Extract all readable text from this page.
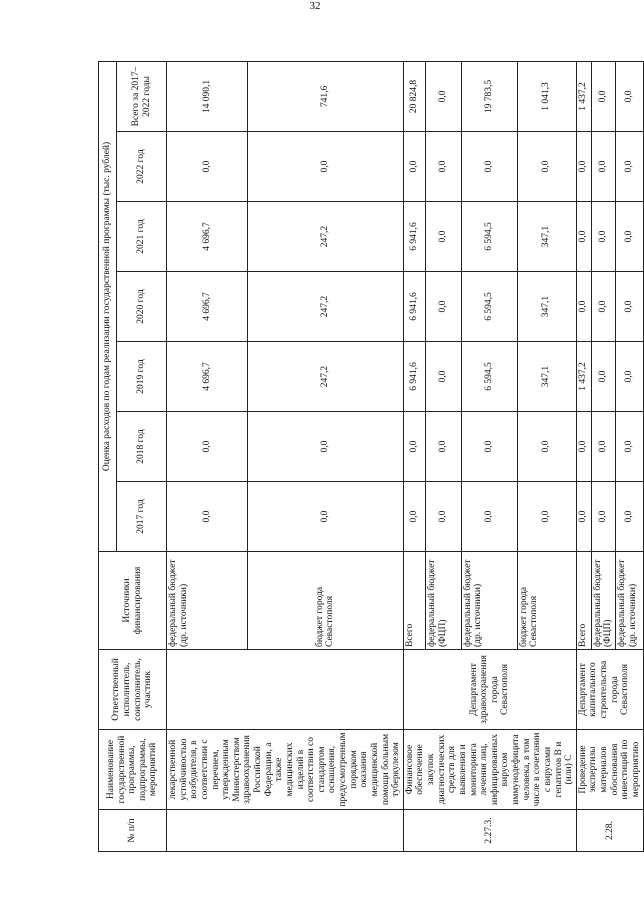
32
№ п/п	Наименование государственной программы, подпрограммы, мероприятий	Ответственный исполнитель, соисполнитель, участник	Источники финансирования	Оценка расходов по годам реализации государственной программы (тыс. рублей)						
				2017 год	2018 год	2019 год	2020 год	2021 год	2022 год	Всего за 2017–2022 годы
	лекарственной устойчивостью возбудителя, в соответствии с перечнем, утвержденным Министерством здравоохранения Российской Федерации, а также медицинских изделий в соответствии со стандартом оснащения, предусмотренным порядком оказания медицинской помощи больным туберкулезом		федеральный бюджет (др. источники)	0,0	0,0	4 696,7	4 696,7	4 696,7	0,0	14 090,1
			бюджет города Севастополя	0,0	0,0	247,2	247,2	247,2	0,0	741,6
2.27.3.	Финансовое обеспечение закупок диагностических средств для выявления и мониторинга лечения лиц, инфицированных вирусом иммунодефицита человека, в том числе в сочетании с вирусами гепатитов В и (или) С	Департамент здравоохранения города Севастополя	Всего	0,0	0,0	6 941,6	6 941,6	6 941,6	0,0	20 824,8
			федеральный бюджет (ФЦП)	0,0	0,0	0,0	0,0	0,0	0,0	0,0
			федеральный бюджет (др. источники)	0,0	0,0	6 594,5	6 594,5	6 594,5	0,0	19 783,5
			бюджет города Севастополя	0,0	0,0	347,1	347,1	347,1	0,0	1 041,3
2.28.	Проведение экспертизы материалов обоснования инвестиций по мероприятию	Департамент капитального строительства города Севастополя	Всего	0,0	0,0	1 437,2	0,0	0,0	0,0	1 437,2
			федеральный бюджет (ФЦП)	0,0	0,0	0,0	0,0	0,0	0,0	0,0
			федеральный бюджет (др. источники)	0,0	0,0	0,0	0,0	0,0	0,0	0,0
